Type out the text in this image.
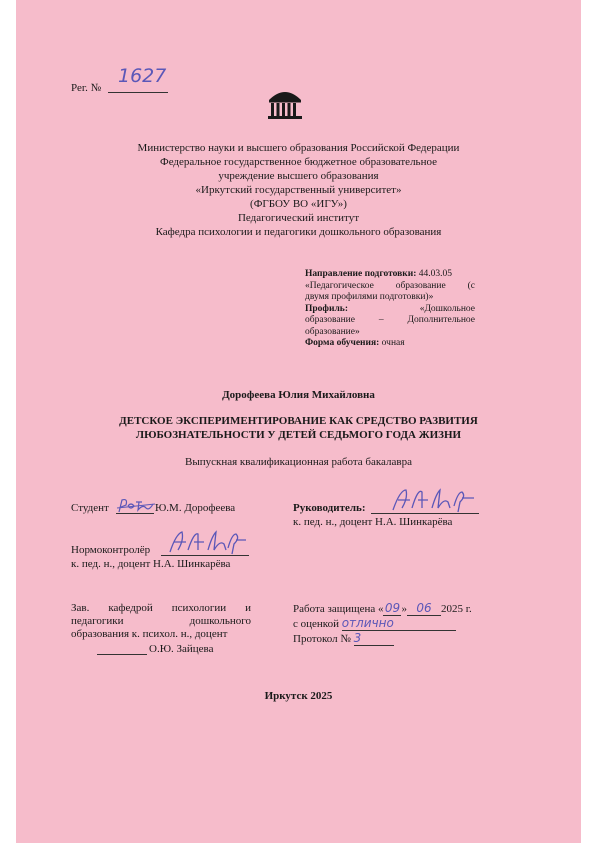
Рег. №
1627
Министерство науки и высшего образования Российской Федерации
Федеральное государственное бюджетное образовательное
учреждение высшего образования
«Иркутский государственный университет»
(ФГБОУ ВО «ИГУ»)
Педагогический институт
Кафедра психологии и педагогики дошкольного образования
Направление подготовки: 44.03.05
«Педагогическое образование (с
двумя профилями подготовки)»
Профиль:	«Дошкольное
образование – Дополнительное
образование»
Форма обучения: очная
Дорофеева Юлия Михайловна
ДЕТСКОЕ ЭКСПЕРИМЕНТИРОВАНИЕ КАК СРЕДСТВО РАЗВИТИЯ
ЛЮБОЗНАТЕЛЬНОСТИ У ДЕТЕЙ СЕДЬМОГО ГОДА ЖИЗНИ
Выпускная квалификационная работа бакалавра
Студент	Ю.М. Дорофеева	Руководитель:
к. пед. н., доцент Н.А. Шинкарёва
Нормоконтролёр
к. пед. н., доцент Н.А. Шинкарёва
Зав. кафедрой психологии и
педагогики дошкольного
образования к. психол. н., доцент
О.Ю. Зайцева
Работа защищена «09» 06 2025 г.
с оценкой отлично
Протокол № 3
Иркутск 2025
